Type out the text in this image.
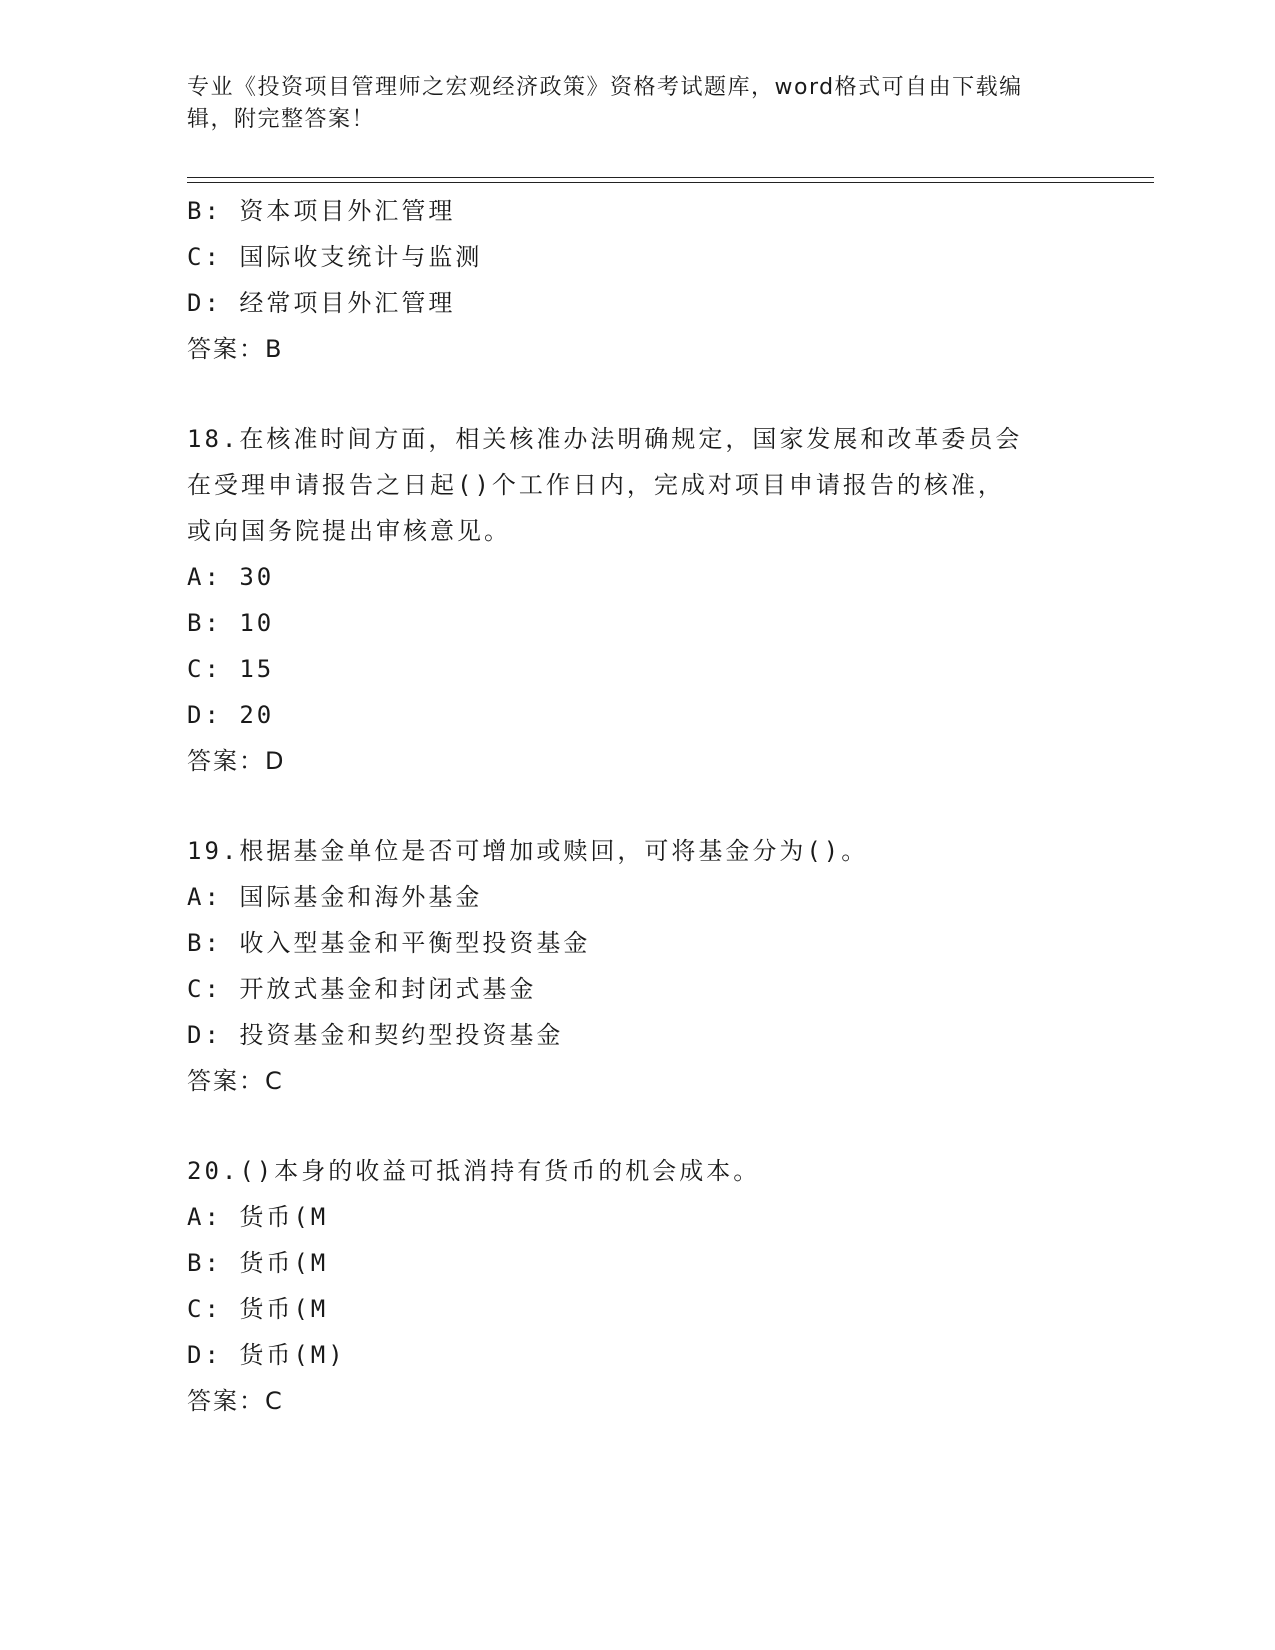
专业《投资项目管理师之宏观经济政策》资格考试题库，word格式可自由下载编
辑，附完整答案！
B: 资本项目外汇管理
C: 国际收支统计与监测
D: 经常项目外汇管理
答案：B
18.在核准时间方面，相关核准办法明确规定，国家发展和改革委员会
在受理申请报告之日起()个工作日内，完成对项目申请报告的核准，
或向国务院提出审核意见。
A: 30
B: 10
C: 15
D: 20
答案：D
19.根据基金单位是否可增加或赎回，可将基金分为()。
A: 国际基金和海外基金
B: 收入型基金和平衡型投资基金
C: 开放式基金和封闭式基金
D: 投资基金和契约型投资基金
答案：C
20.()本身的收益可抵消持有货币的机会成本。
A: 货币(M
B: 货币(M
C: 货币(M
D: 货币(M)
答案：C
